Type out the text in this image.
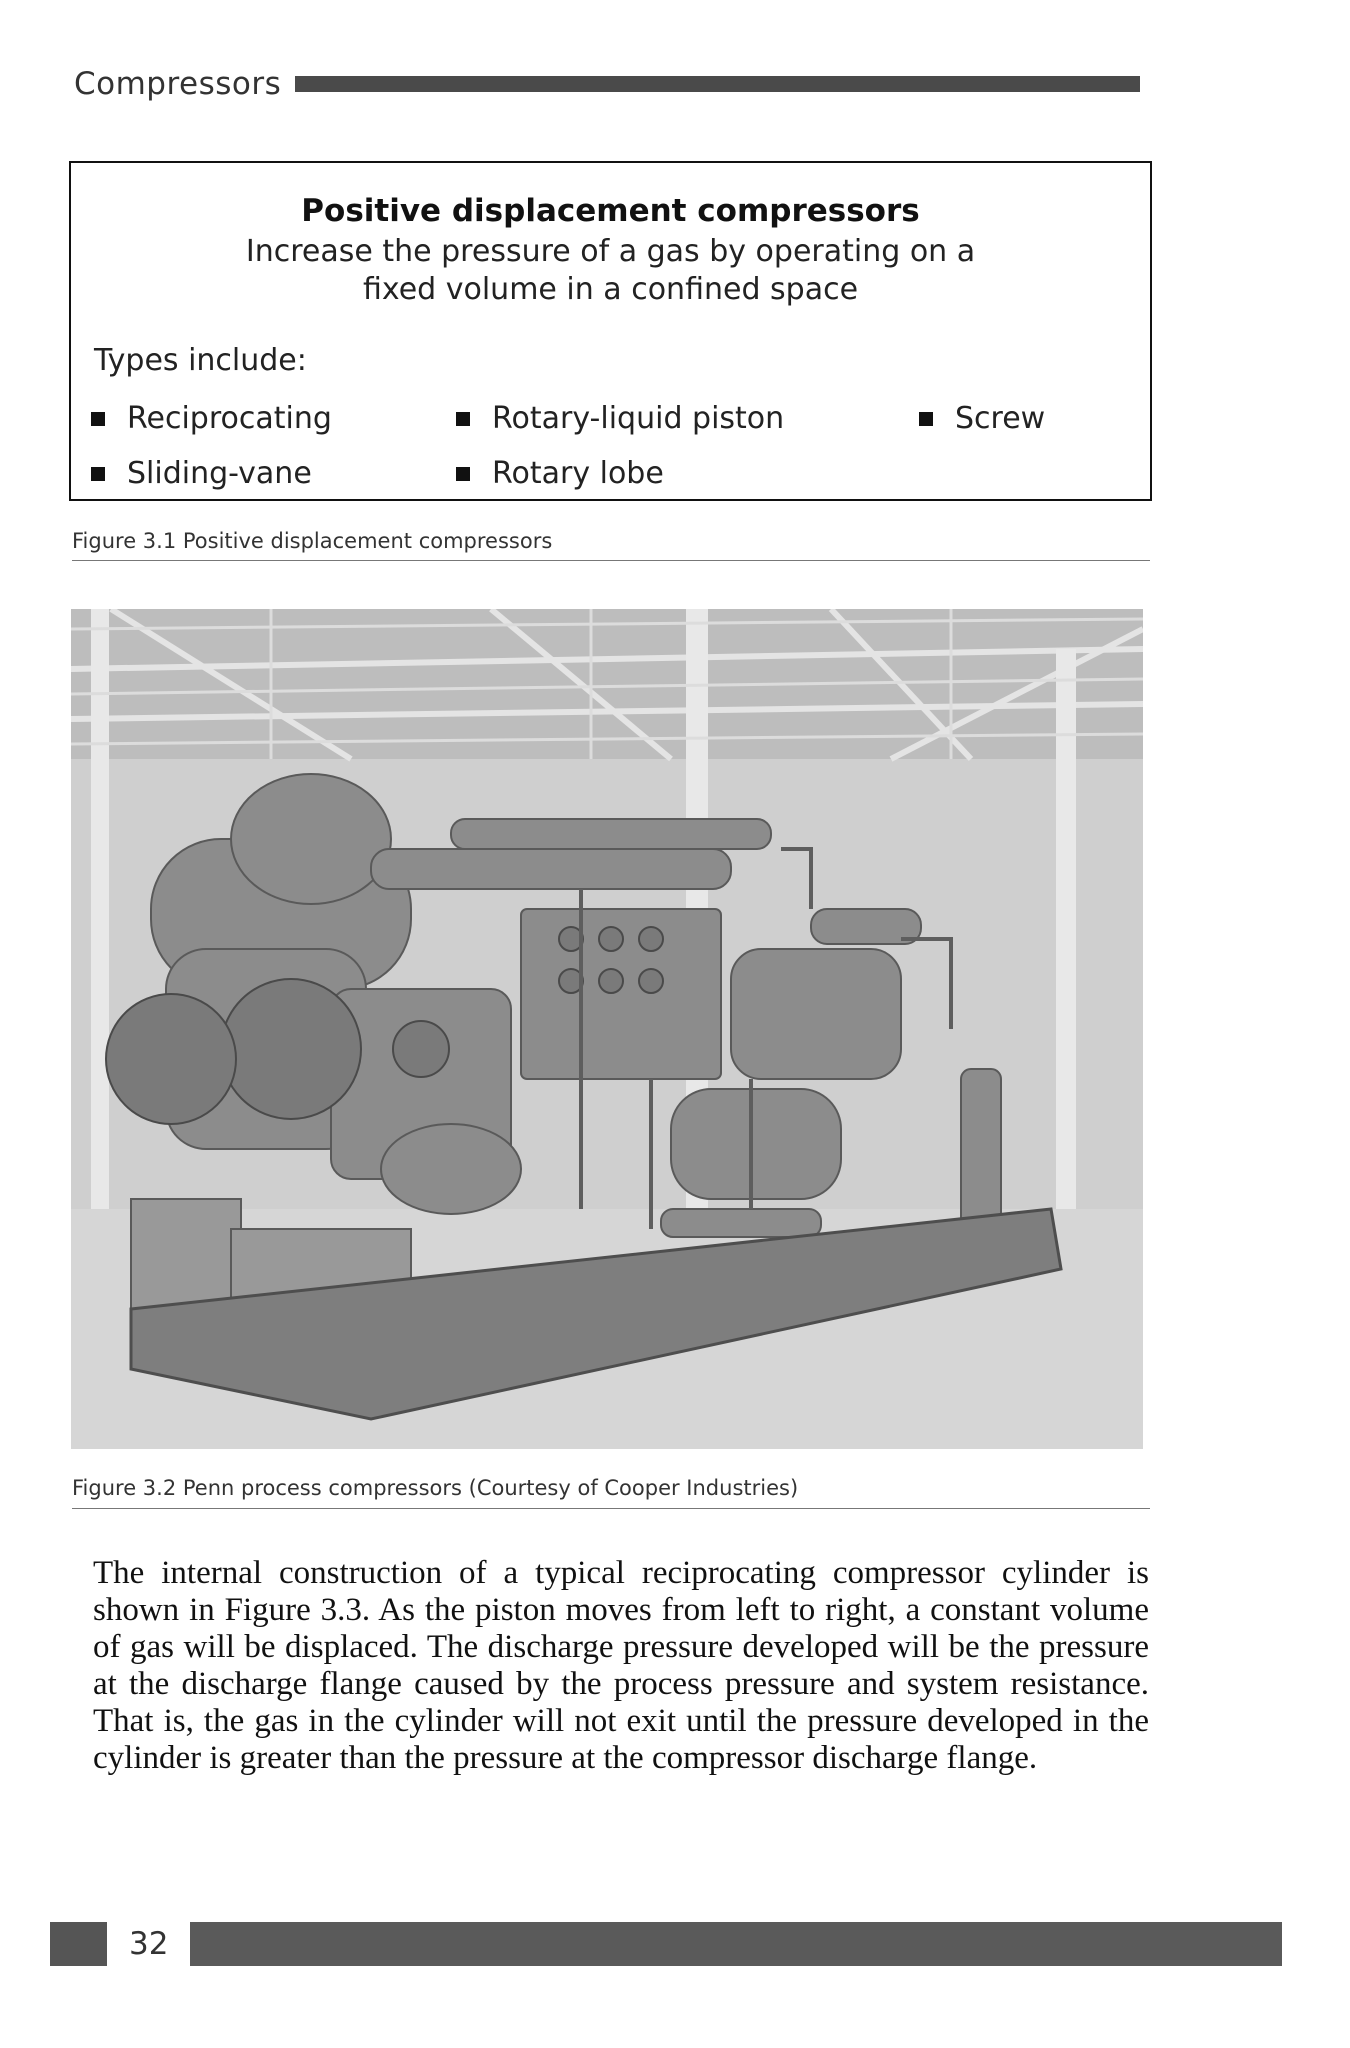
Compressors
Positive displacement compressors
Increase the pressure of a gas by operating on a
fixed volume in a confined space
Types include:
Reciprocating	Rotary-liquid piston	Screw
Sliding-vane	Rotary lobe
Figure 3.1 Positive displacement compressors
Figure 3.2 Penn process compressors (Courtesy of Cooper Industries)
The internal construction of a typical reciprocating compressor cylinder is shown in Figure 3.3. As the piston moves from left to right, a constant volume of gas will be displaced. The discharge pressure developed will be the pressure at the discharge flange caused by the process pressure and system resistance. That is, the gas in the cylinder will not exit until the pressure developed in the cylinder is greater than the pressure at the compressor discharge flange.
32
